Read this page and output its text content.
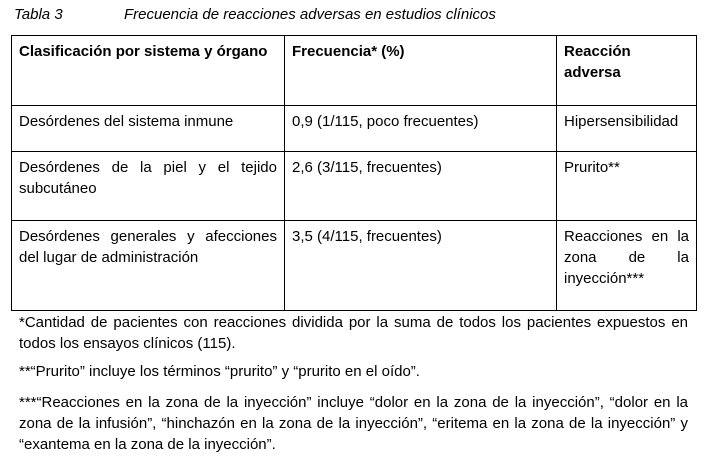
Tabla 3	Frecuencia de reacciones adversas en estudios clínicos
Clasificación por sistema y órgano	Frecuencia* (%)	Reacción adversa
Desórdenes del sistema inmune	0,9 (1/115, poco frecuentes)	Hipersensibilidad
Desórdenes de la piel y el tejido subcutáneo	2,6 (3/115, frecuentes)	Prurito**
Desórdenes generales y afecciones del lugar de administración	3,5 (4/115, frecuentes)	Reacciones en la zona de la inyección***

*Cantidad de pacientes con reacciones dividida por la suma de todos los pacientes expuestos en todos los ensayos clínicos (115).

**“Prurito” incluye los términos “prurito” y “prurito en el oído”.

***“Reacciones en la zona de la inyección” incluye “dolor en la zona de la inyección”, “dolor en la zona de la infusión”, “hinchazón en la zona de la inyección”, “eritema en la zona de la inyección” y “exantema en la zona de la inyección”.
